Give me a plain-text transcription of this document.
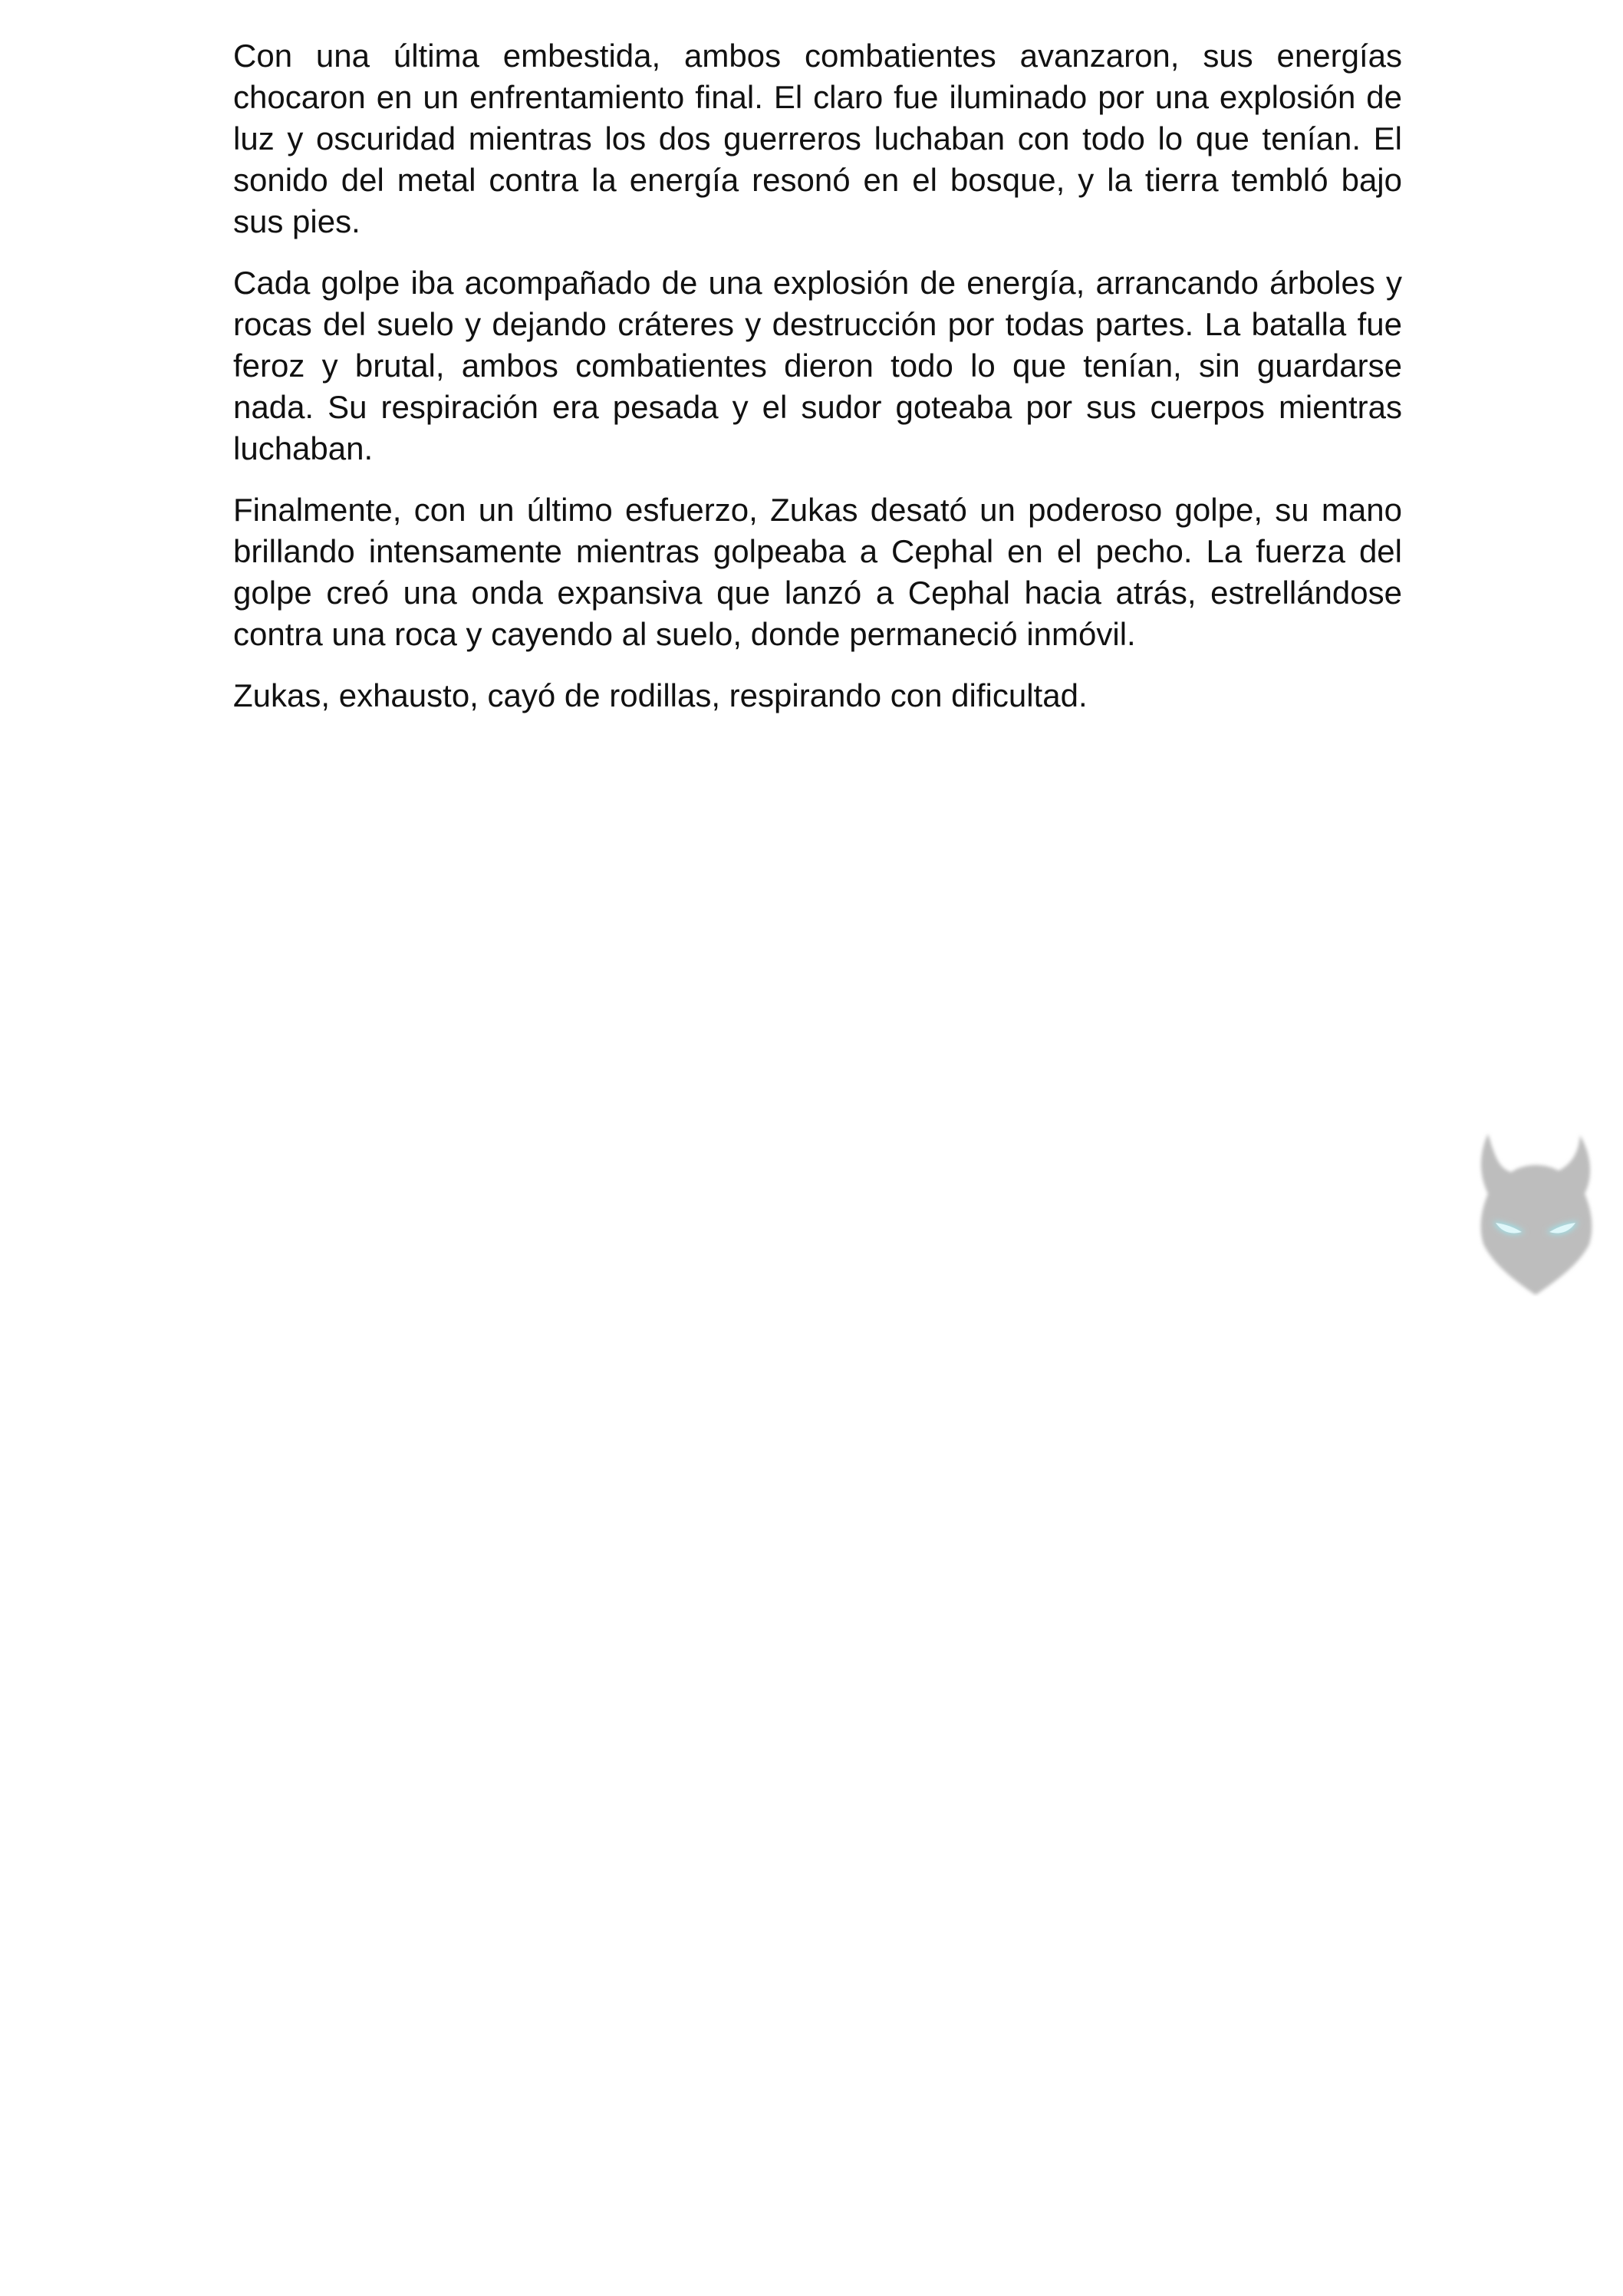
Con una última embestida, ambos combatientes avanzaron, sus energías chocaron en un enfrentamiento final. El claro fue iluminado por una explosión de luz y oscuridad mientras los dos guerreros luchaban con todo lo que tenían. El sonido del metal contra la energía resonó en el bosque, y la tierra tembló bajo sus pies.

Cada golpe iba acompañado de una explosión de energía, arrancando árboles y rocas del suelo y dejando cráteres y destrucción por todas partes. La batalla fue feroz y brutal, ambos combatientes dieron todo lo que tenían, sin guardarse nada. Su respiración era pesada y el sudor goteaba por sus cuerpos mientras luchaban.

Finalmente, con un último esfuerzo, Zukas desató un poderoso golpe, su mano brillando intensamente mientras golpeaba a Cephal en el pecho. La fuerza del golpe creó una onda expansiva que lanzó a Cephal hacia atrás, estrellándose contra una roca y cayendo al suelo, donde permaneció inmóvil.

Zukas, exhausto, cayó de rodillas, respirando con dificultad.
